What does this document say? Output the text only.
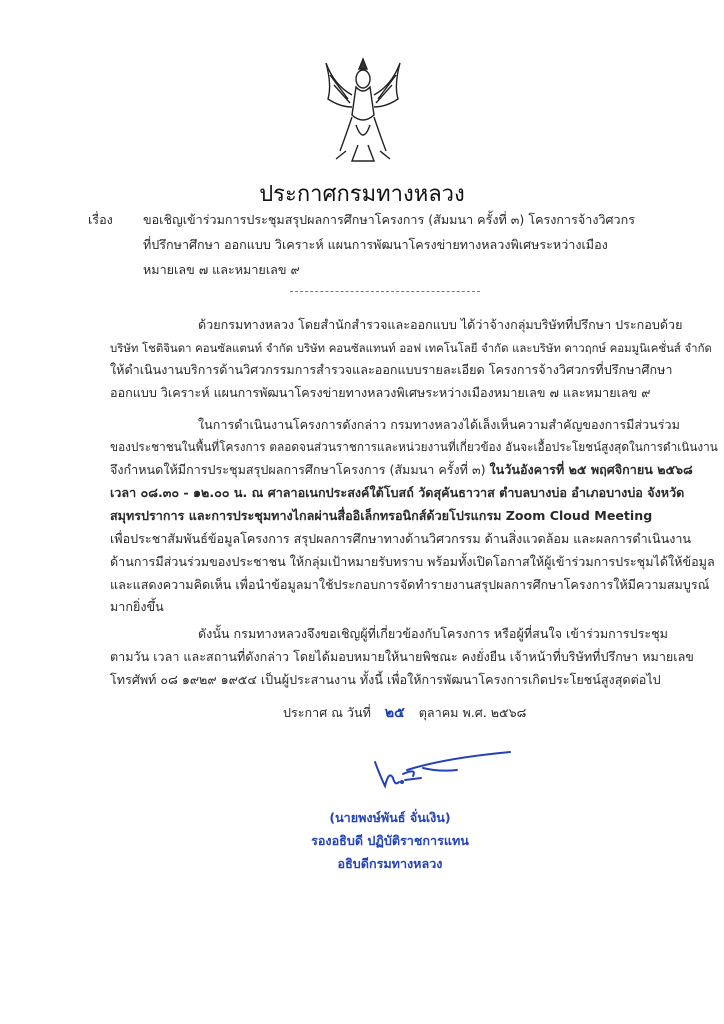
ประกาศกรมทางหลวง
เรื่อง ขอเชิญเข้าร่วมการประชุมสรุปผลการศึกษาโครงการ (สัมมนา ครั้งที่ ๓) โครงการจ้างวิศวกร
ที่ปรึกษาศึกษา ออกแบบ วิเคราะห์ แผนการพัฒนาโครงข่ายทางหลวงพิเศษระหว่างเมือง
หมายเลข ๗ และหมายเลข ๙
ด้วยกรมทางหลวง โดยสำนักสำรวจและออกแบบ ได้ว่าจ้างกลุ่มบริษัทที่ปรึกษา ประกอบด้วย
บริษัท โชติจินดา คอนซัลแตนท์ จำกัด บริษัท คอนซัลแทนท์ ออฟ เทคโนโลยี จำกัด และบริษัท ดาวฤกษ์ คอมมูนิเคชั่นส์ จำกัด
ให้ดำเนินงานบริการด้านวิศวกรรมการสำรวจและออกแบบรายละเอียด โครงการจ้างวิศวกรที่ปรึกษาศึกษา
ออกแบบ วิเคราะห์ แผนการพัฒนาโครงข่ายทางหลวงพิเศษระหว่างเมืองหมายเลข ๗ และหมายเลข ๙
ในการดำเนินงานโครงการดังกล่าว กรมทางหลวงได้เล็งเห็นความสำคัญของการมีส่วนร่วม
ของประชาชนในพื้นที่โครงการ ตลอดจนส่วนราชการและหน่วยงานที่เกี่ยวข้อง อันจะเอื้อประโยชน์สูงสุดในการดำเนินงาน
จึงกำหนดให้มีการประชุมสรุปผลการศึกษาโครงการ (สัมมนา ครั้งที่ ๓) ในวันอังคารที่ ๒๕ พฤศจิกายน ๒๕๖๘
เวลา ๐๘.๓๐ - ๑๒.๐๐ น. ณ ศาลาอเนกประสงค์ใต้โบสถ์ วัดสุคันธาวาส ตำบลบางบ่อ อำเภอบางบ่อ จังหวัด
สมุทรปราการ และการประชุมทางไกลผ่านสื่ออิเล็กทรอนิกส์ด้วยโปรแกรม Zoom Cloud Meeting
เพื่อประชาสัมพันธ์ข้อมูลโครงการ สรุปผลการศึกษาทางด้านวิศวกรรม ด้านสิ่งแวดล้อม และผลการดำเนินงาน
ด้านการมีส่วนร่วมของประชาชน ให้กลุ่มเป้าหมายรับทราบ พร้อมทั้งเปิดโอกาสให้ผู้เข้าร่วมการประชุมได้ให้ข้อมูล
และแสดงความคิดเห็น เพื่อนำข้อมูลมาใช้ประกอบการจัดทำรายงานสรุปผลการศึกษาโครงการให้มีความสมบูรณ์
มากยิ่งขึ้น
ดังนั้น กรมทางหลวงจึงขอเชิญผู้ที่เกี่ยวข้องกับโครงการ หรือผู้ที่สนใจ เข้าร่วมการประชุม
ตามวัน เวลา และสถานที่ดังกล่าว โดยได้มอบหมายให้นายพิชณะ คงยั่งยืน เจ้าหน้าที่บริษัทที่ปรึกษา หมายเลข
โทรศัพท์ ๐๘ ๑๙๒๙ ๑๙๕๔ เป็นผู้ประสานงาน ทั้งนี้ เพื่อให้การพัฒนาโครงการเกิดประโยชน์สูงสุดต่อไป
ประกาศ ณ วันที่ ๒๕ ตุลาคม พ.ศ. ๒๕๖๘
(นายพงษ์พันธ์ จั่นเงิน)
รองอธิบดี ปฏิบัติราชการแทน
อธิบดีกรมทางหลวง
